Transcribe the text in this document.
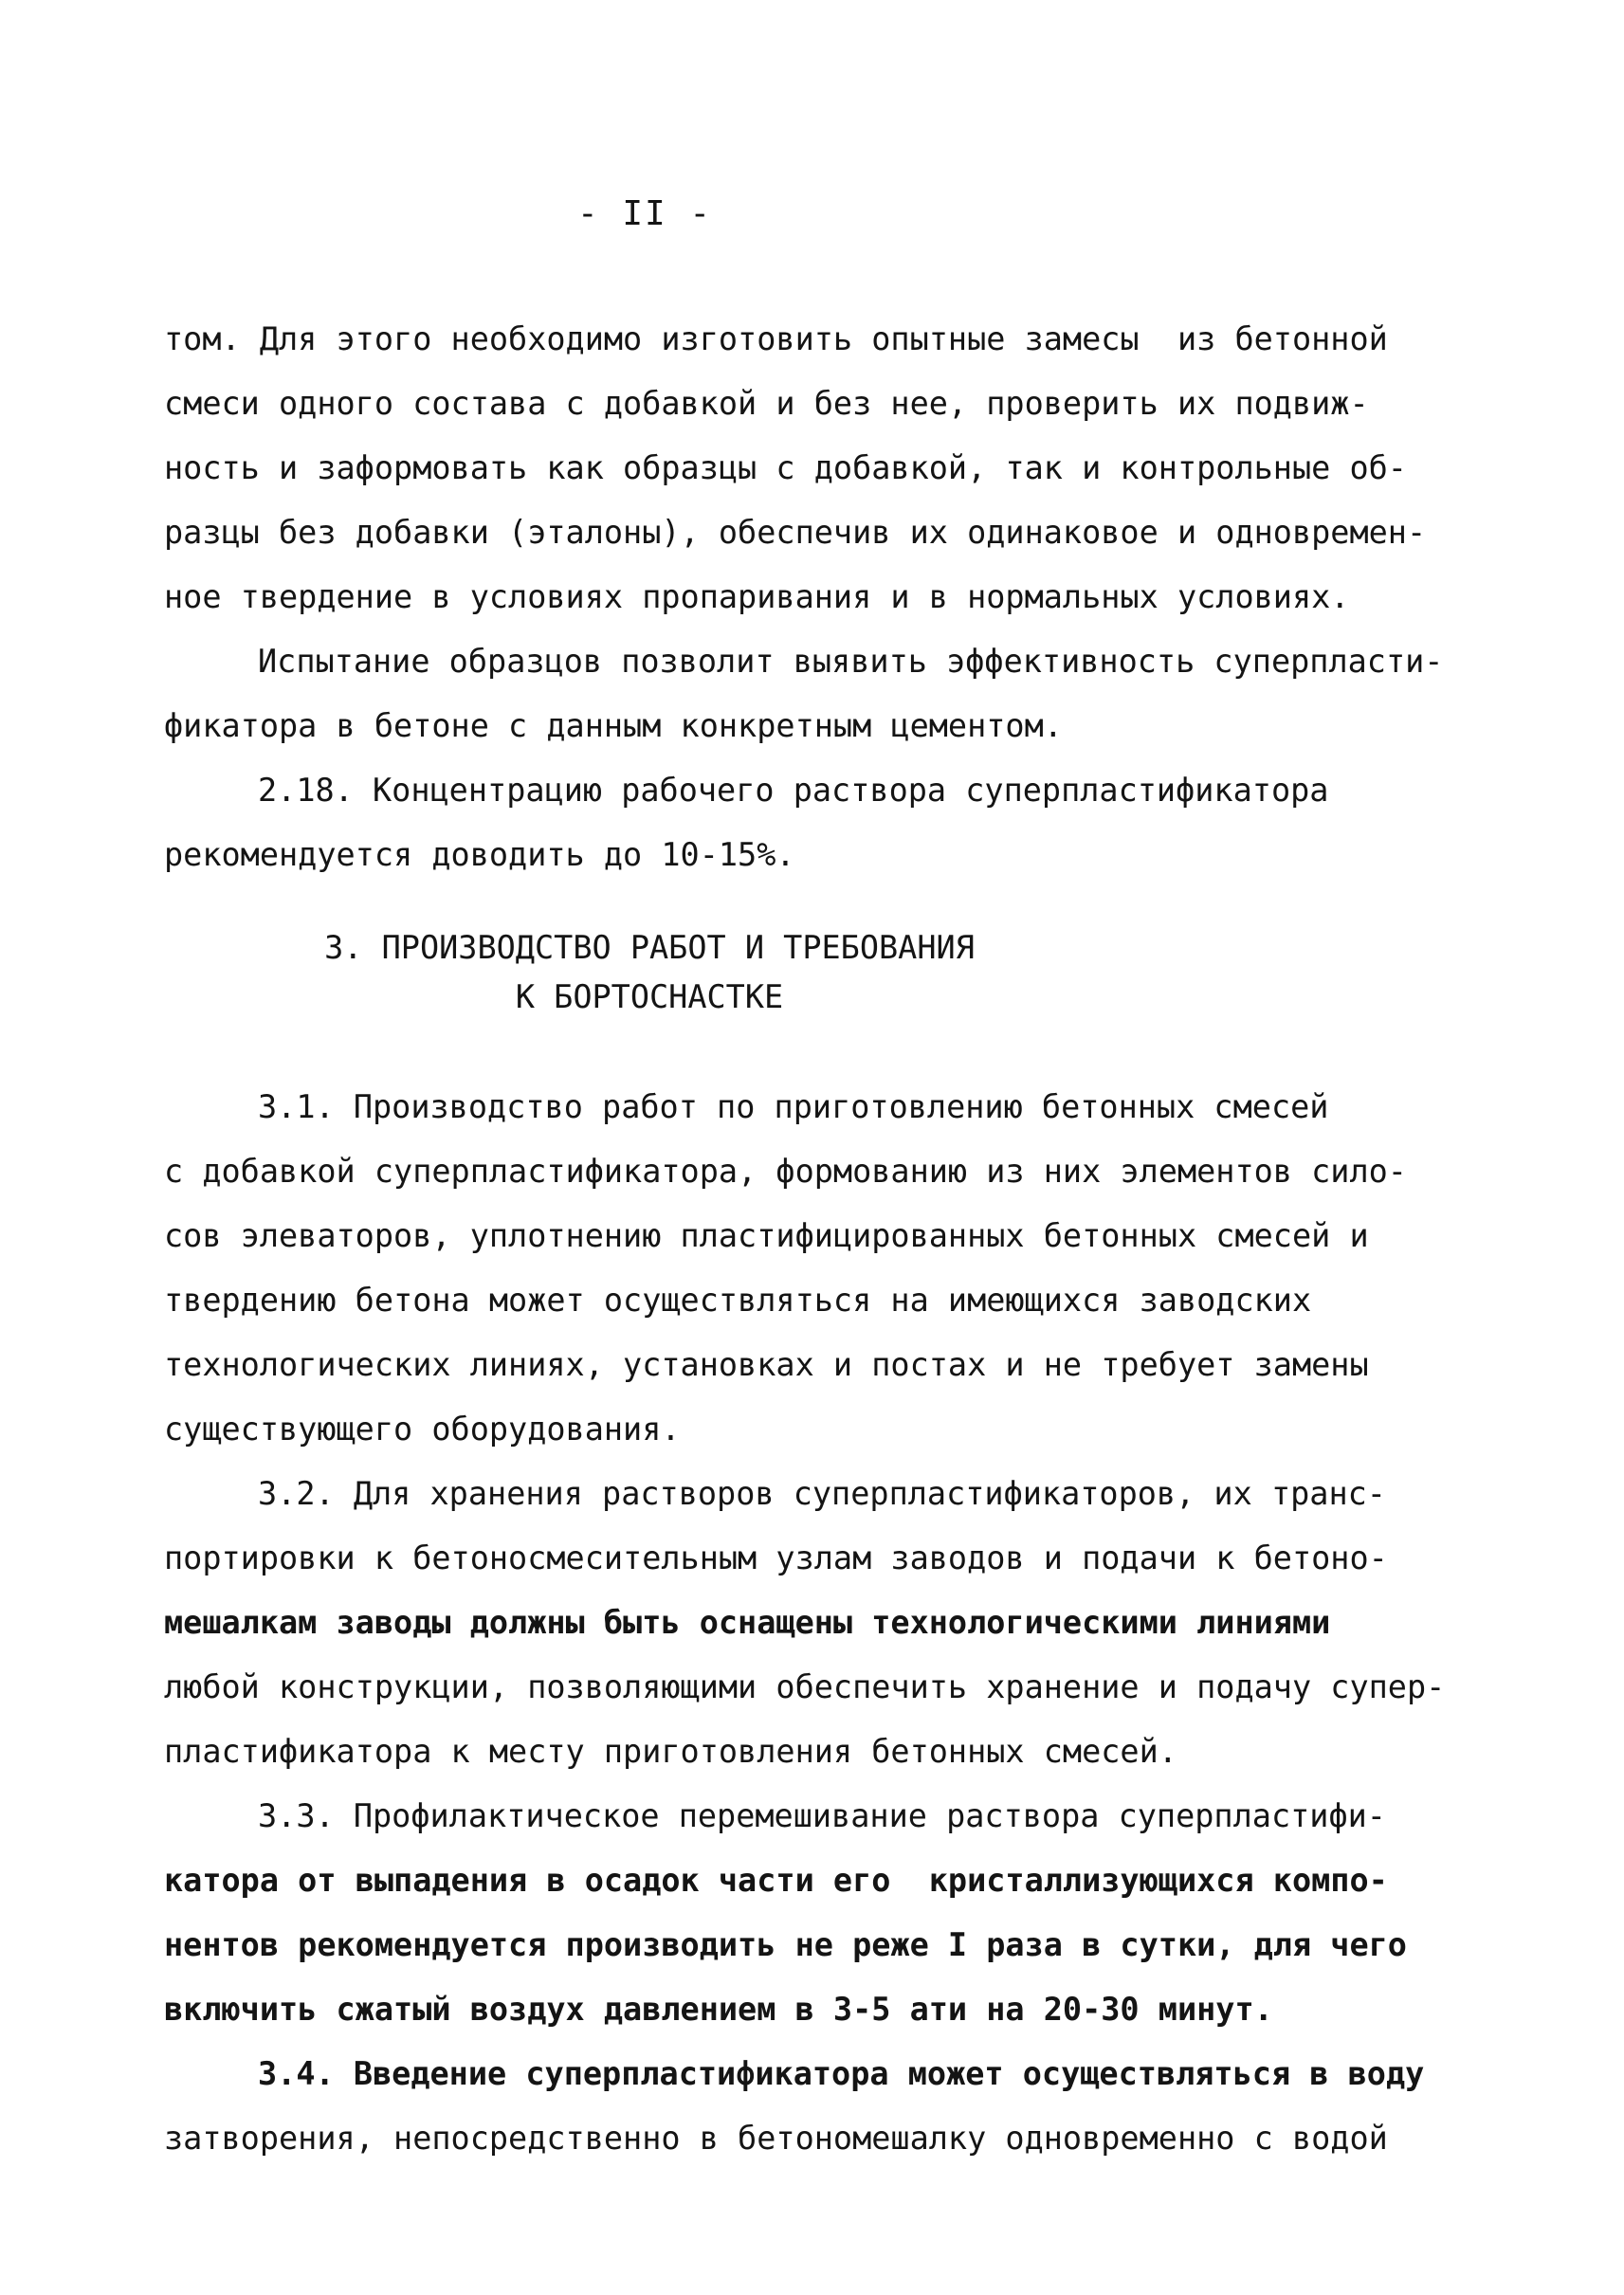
- II -
том. Для этого необходимо изготовить опытные замесы  из бетонной
смеси одного состава с добавкой и без нее, проверить их подвиж-
ность и заформовать как образцы с добавкой, так и контрольные об-
разцы без добавки (эталоны), обеспечив их одинаковое и одновремен-
ное твердение в условиях пропаривания и в нормальных условиях.
Испытание образцов позволит выявить эффективность суперпласти-
фикатора в бетоне с данным конкретным цементом.
2.18. Концентрацию рабочего раствора суперпластификатора
рекомендуется доводить до 10-15%.
3. ПРОИЗВОДСТВО РАБОТ И ТРЕБОВАНИЯ
К БОРТОСНАСТКЕ
3.1. Производство работ по приготовлению бетонных смесей
с добавкой суперпластификатора, формованию из них элементов сило-
сов элеваторов, уплотнению пластифицированных бетонных смесей и
твердению бетона может осуществляться на имеющихся заводских
технологических линиях, установках и постах и не требует замены
существующего оборудования.
3.2. Для хранения растворов суперпластификаторов, их транс-
портировки к бетоносмесительным узлам заводов и подачи к бетоно-
мешалкам заводы должны быть оснащены технологическими линиями
любой конструкции, позволяющими обеспечить хранение и подачу супер-
пластификатора к месту приготовления бетонных смесей.
3.3. Профилактическое перемешивание раствора суперпластифи-
катора от выпадения в осадок части его  кристаллизующихся компо-
нентов рекомендуется производить не реже I раза в сутки, для чего
включить сжатый воздух давлением в 3-5 ати на 20-30 минут.
3.4. Введение суперпластификатора может осуществляться в воду
затворения, непосредственно в бетономешалку одновременно с водой
